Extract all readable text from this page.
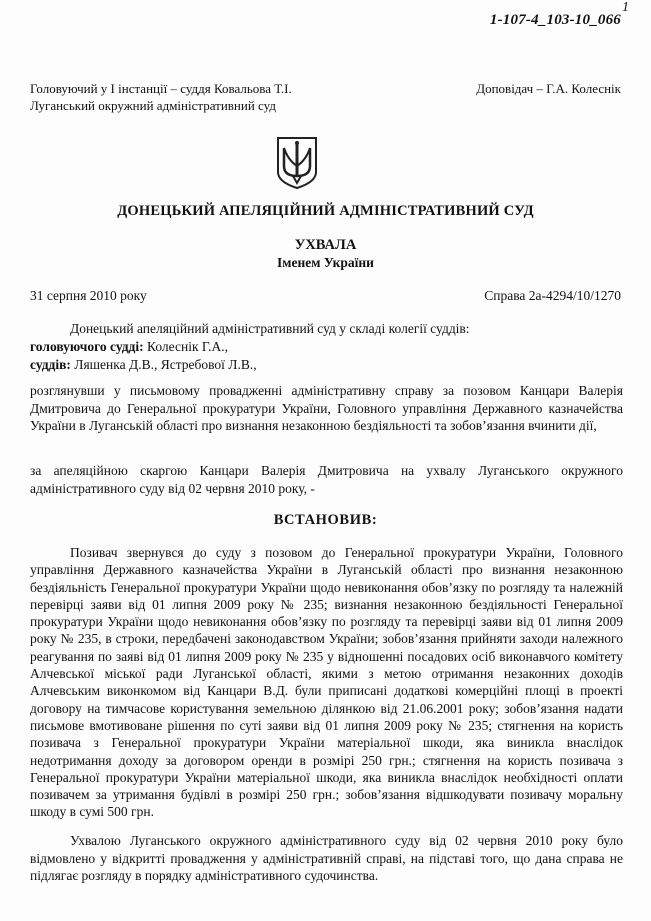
1-107-4_103-10_066
1
Головуючий у І інстанції – суддя Ковальова Т.І.
Луганський окружний адміністративний суд
Доповідач – Г.А. Колеснік
ДОНЕЦЬКИЙ АПЕЛЯЦІЙНИЙ АДМІНІСТРАТИВНИЙ СУД
УХВАЛА
Іменем України
31 серпня 2010 року	Справа 2а-4294/10/1270
Донецький апеляційний адміністративний суд у складі колегії суддів:
головуючого судді: Колеснік Г.А.,
суддів: Ляшенка Д.В., Ястребової Л.В.,
розглянувши у письмовому провадженні адміністративну справу за позовом Канцари Валерія Дмитровича до Генеральної прокуратури України, Головного управління Державного казначейства України в Луганській області про визнання незаконною бездіяльності та зобов’язання вчинити дії,
за апеляційною скаргою Канцари Валерія Дмитровича на ухвалу Луганського окружного адміністративного суду від 02 червня 2010 року, -
ВСТАНОВИВ:
Позивач звернувся до суду з позовом до Генеральної прокуратури України, Головного управління Державного казначейства України в Луганській області про визнання незаконною бездіяльність Генеральної прокуратури України щодо невиконання обов’язку по розгляду та належній перевірці заяви від 01 липня 2009 року № 235; визнання незаконною бездіяльності Генеральної прокуратури України щодо невиконання обов’язку по розгляду та перевірці заяви від 01 липня 2009 року № 235, в строки, передбачені законодавством України; зобов’язання прийняти заходи належного реагування по заяві від 01 липня 2009 року № 235 у відношенні посадових осіб виконавчого комітету Алчевської міської ради Луганської області, якими з метою отримання незаконних доходів Алчевським виконкомом від Канцари В.Д. були приписані додаткові комерційні площі в проекті договору на тимчасове користування земельною ділянкою від 21.06.2001 року; зобов’язання надати письмове вмотивоване рішення по суті заяви від 01 липня 2009 року № 235; стягнення на користь позивача з Генеральної прокуратури України матеріальної шкоди, яка виникла внаслідок недотримання доходу за договором оренди в розмірі 250 грн.; стягнення на користь позивача з Генеральної прокуратури України матеріальної шкоди, яка виникла внаслідок необхідності оплати позивачем за утримання будівлі в розмірі 250 грн.; зобов’язання відшкодувати позивачу моральну шкоду в сумі 500 грн.
Ухвалою Луганського окружного адміністративного суду від 02 червня 2010 року було відмовлено у відкритті провадження у адміністративній справі, на підставі того, що дана справа не підлягає розгляду в порядку адміністративного судочинства.
